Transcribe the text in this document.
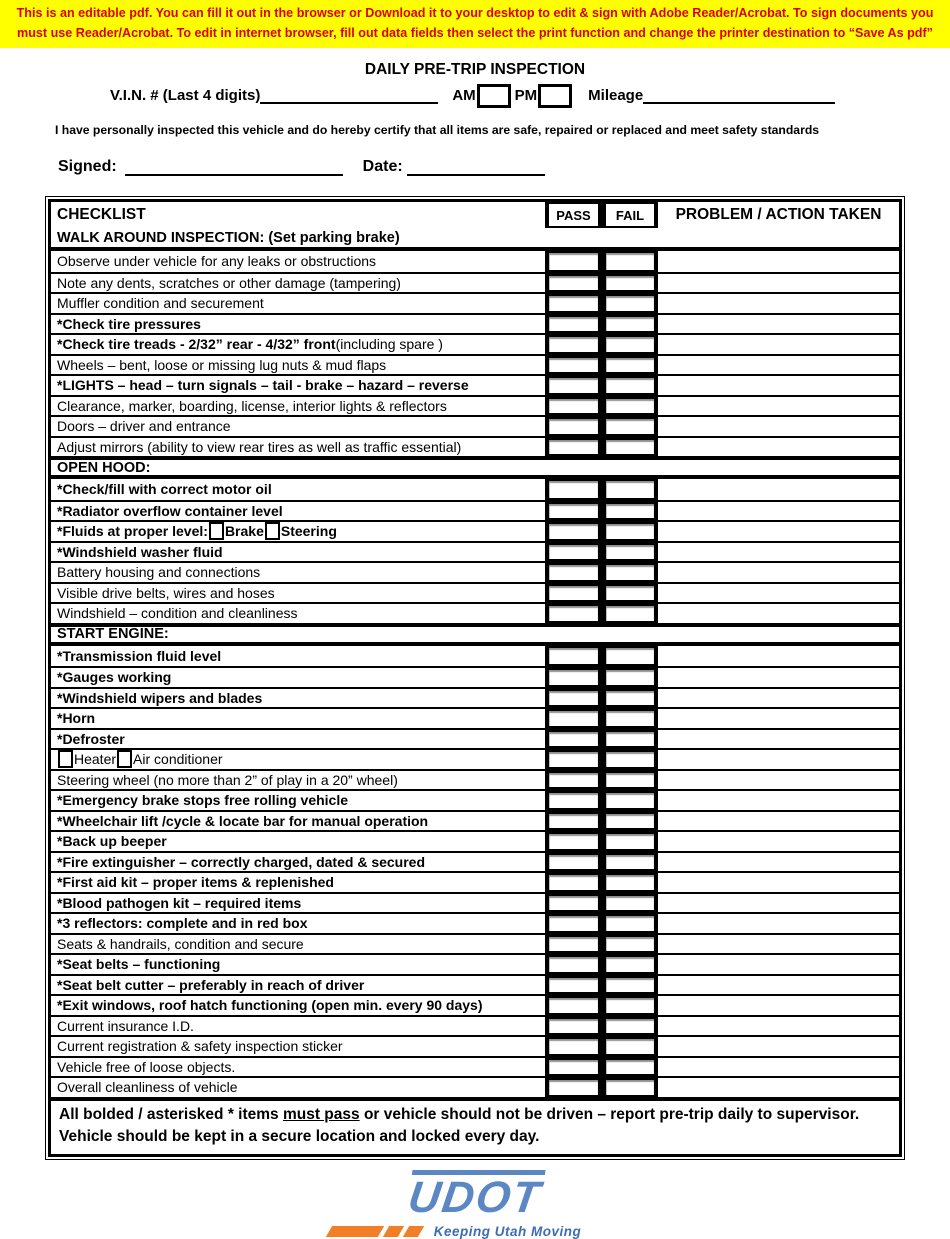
This is an editable pdf. You can fill it out in the browser or Download it to your desktop to edit & sign with Adobe Reader/Acrobat. To sign documents you must use Reader/Acrobat. To edit in internet browser, fill out data fields then select the print function and change the printer destination to “Save As pdf”
DAILY PRE-TRIP INSPECTION
V.I.N. # (Last 4 digits)	AM	PM	Mileage
I have personally inspected this vehicle and do hereby certify that all items are safe, repaired or replaced and meet safety standards
Signed:	Date:
CHECKLIST	PASS	FAIL	PROBLEM / ACTION TAKEN
WALK AROUND INSPECTION: (Set parking brake)
Observe under vehicle for any leaks or obstructions
Note any dents, scratches or other damage (tampering)
Muffler condition and securement
*Check tire pressures
*Check tire treads - 2/32” rear - 4/32” front (including spare )
Wheels – bent, loose or missing lug nuts & mud flaps
*LIGHTS – head – turn signals – tail - brake – hazard – reverse
Clearance, marker, boarding, license, interior lights & reflectors
Doors – driver and entrance
Adjust mirrors (ability to view rear tires as well as traffic essential)
OPEN HOOD:
*Check/fill with correct motor oil
*Radiator overflow container level
*Fluids at proper level: Brake Steering
*Windshield washer fluid
Battery housing and connections
Visible drive belts, wires and hoses
Windshield – condition and cleanliness
START ENGINE:
*Transmission fluid level
*Gauges working
*Windshield wipers and blades
*Horn
*Defroster
Heater Air conditioner
Steering wheel (no more than 2” of play in a 20” wheel)
*Emergency brake stops free rolling vehicle
*Wheelchair lift /cycle & locate bar for manual operation
*Back up beeper
*Fire extinguisher – correctly charged, dated & secured
*First aid kit – proper items & replenished
*Blood pathogen kit – required items
*3 reflectors: complete and in red box
Seats & handrails, condition and secure
*Seat belts – functioning
*Seat belt cutter – preferably in reach of driver
*Exit windows, roof hatch functioning (open min. every 90 days)
Current insurance I.D.
Current registration & safety inspection sticker
Vehicle free of loose objects.
Overall cleanliness of vehicle
All bolded / asterisked * items must pass or vehicle should not be driven – report pre-trip daily to supervisor. Vehicle should be kept in a secure location and locked every day.
UDOT
Keeping Utah Moving
